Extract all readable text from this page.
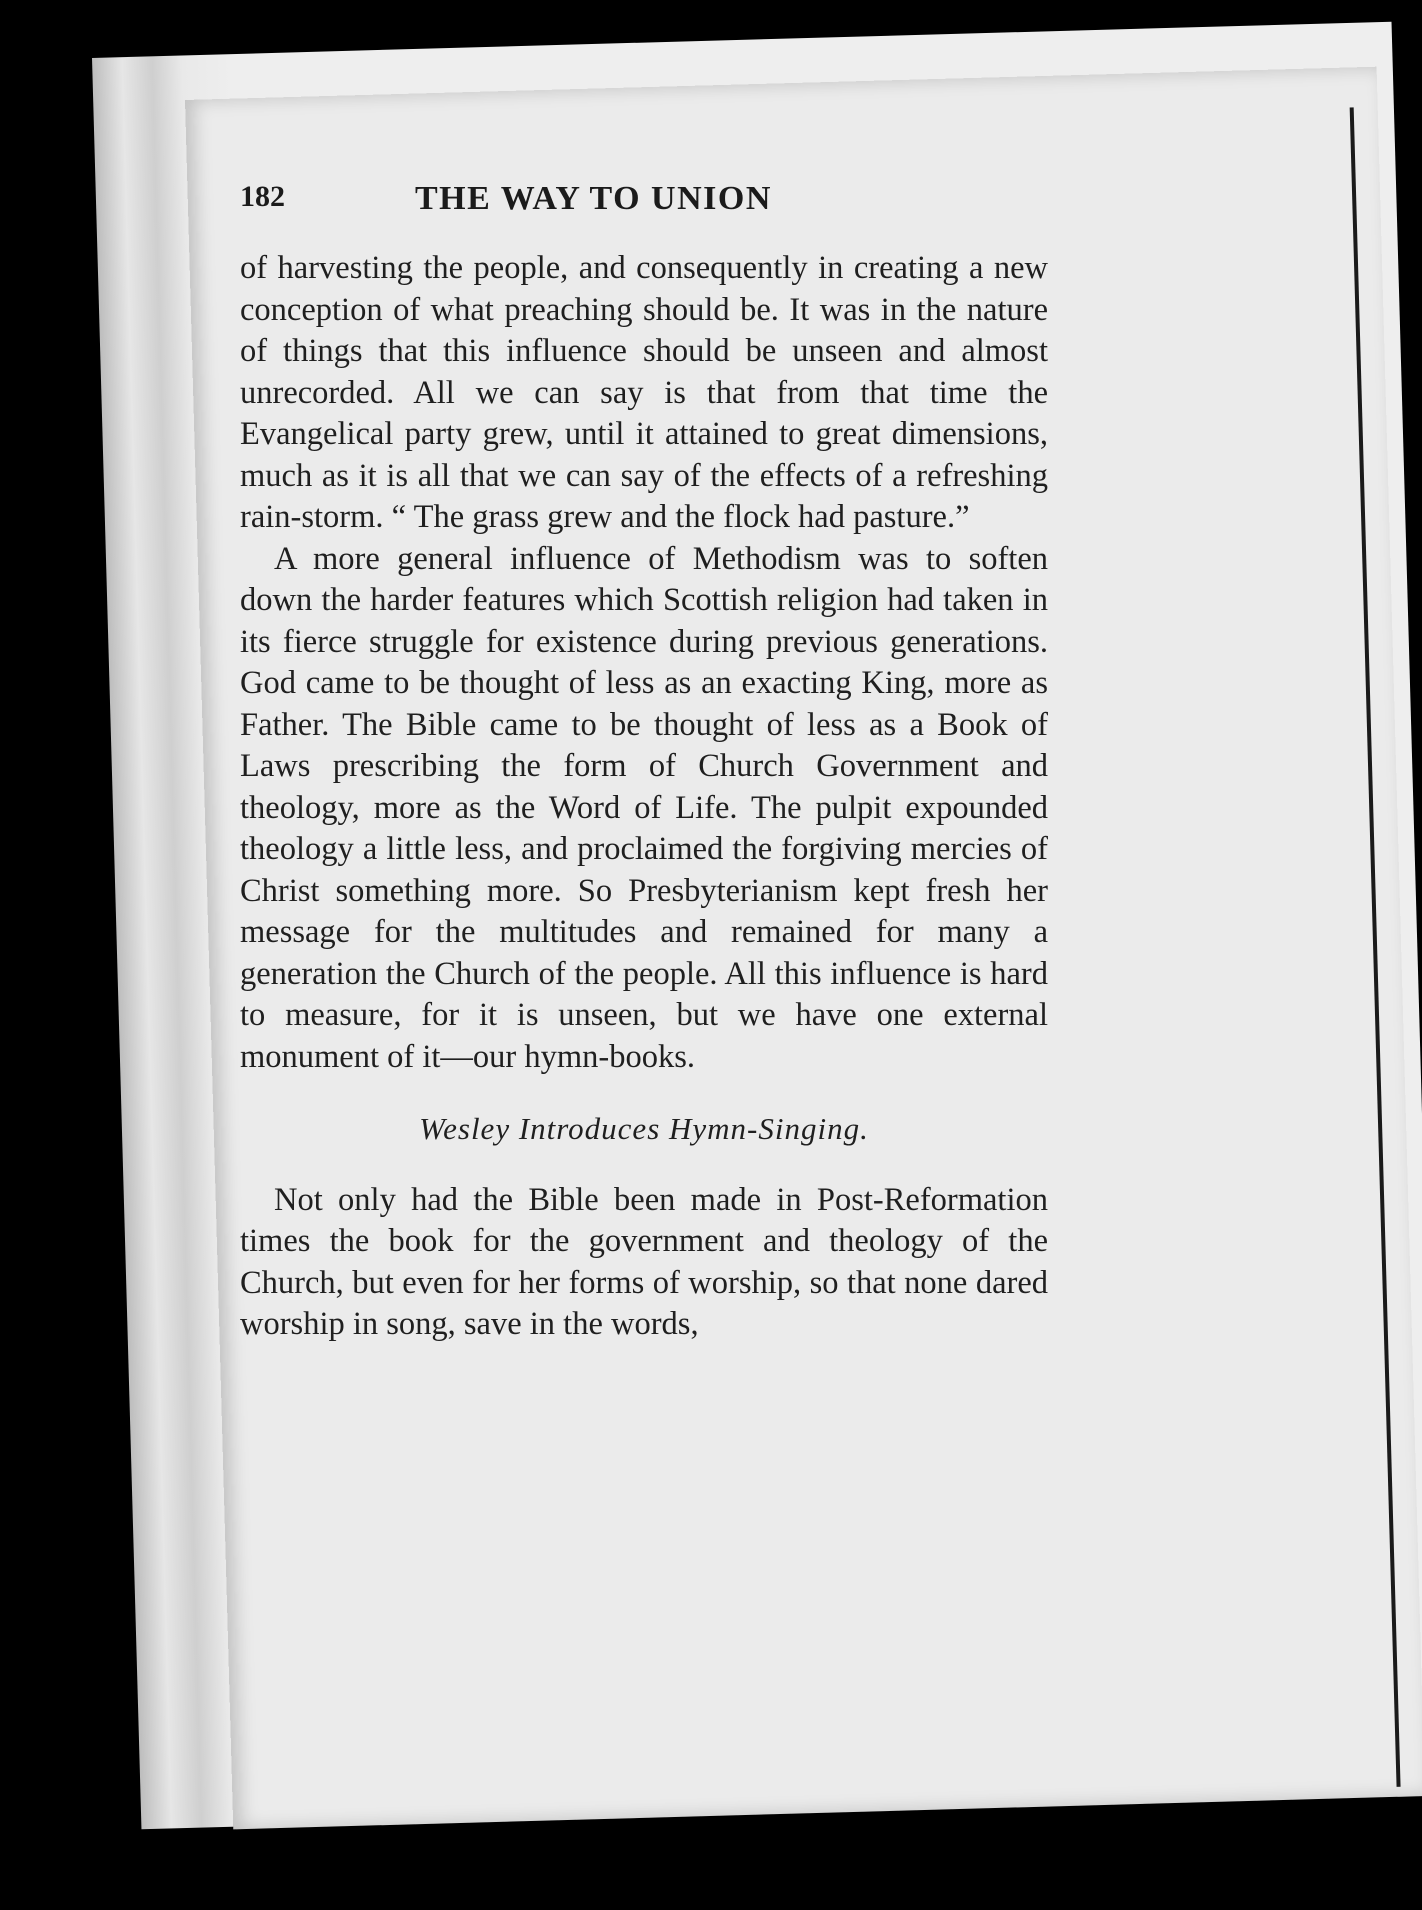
182	THE WAY TO UNION

of harvesting the people, and consequently in creating a new conception of what preaching should be. It was in the nature of things that this influence should be unseen and almost unrecorded. All we can say is that from that time the Evangelical party grew, until it attained to great dimensions, much as it is all that we can say of the effects of a refreshing rain-storm. “ The grass grew and the flock had pasture.”

A more general influence of Methodism was to soften down the harder features which Scottish religion had taken in its fierce struggle for existence during previous generations. God came to be thought of less as an exacting King, more as Father. The Bible came to be thought of less as a Book of Laws prescribing the form of Church Government and theology, more as the Word of Life. The pulpit expounded theology a little less, and proclaimed the forgiving mercies of Christ something more. So Presbyterianism kept fresh her message for the multitudes and remained for many a generation the Church of the people. All this influence is hard to measure, for it is unseen, but we have one external monument of it—our hymn-books.

Wesley Introduces Hymn-Singing.

Not only had the Bible been made in Post-Reformation times the book for the government and theology of the Church, but even for her forms of worship, so that none dared worship in song, save in the words,
